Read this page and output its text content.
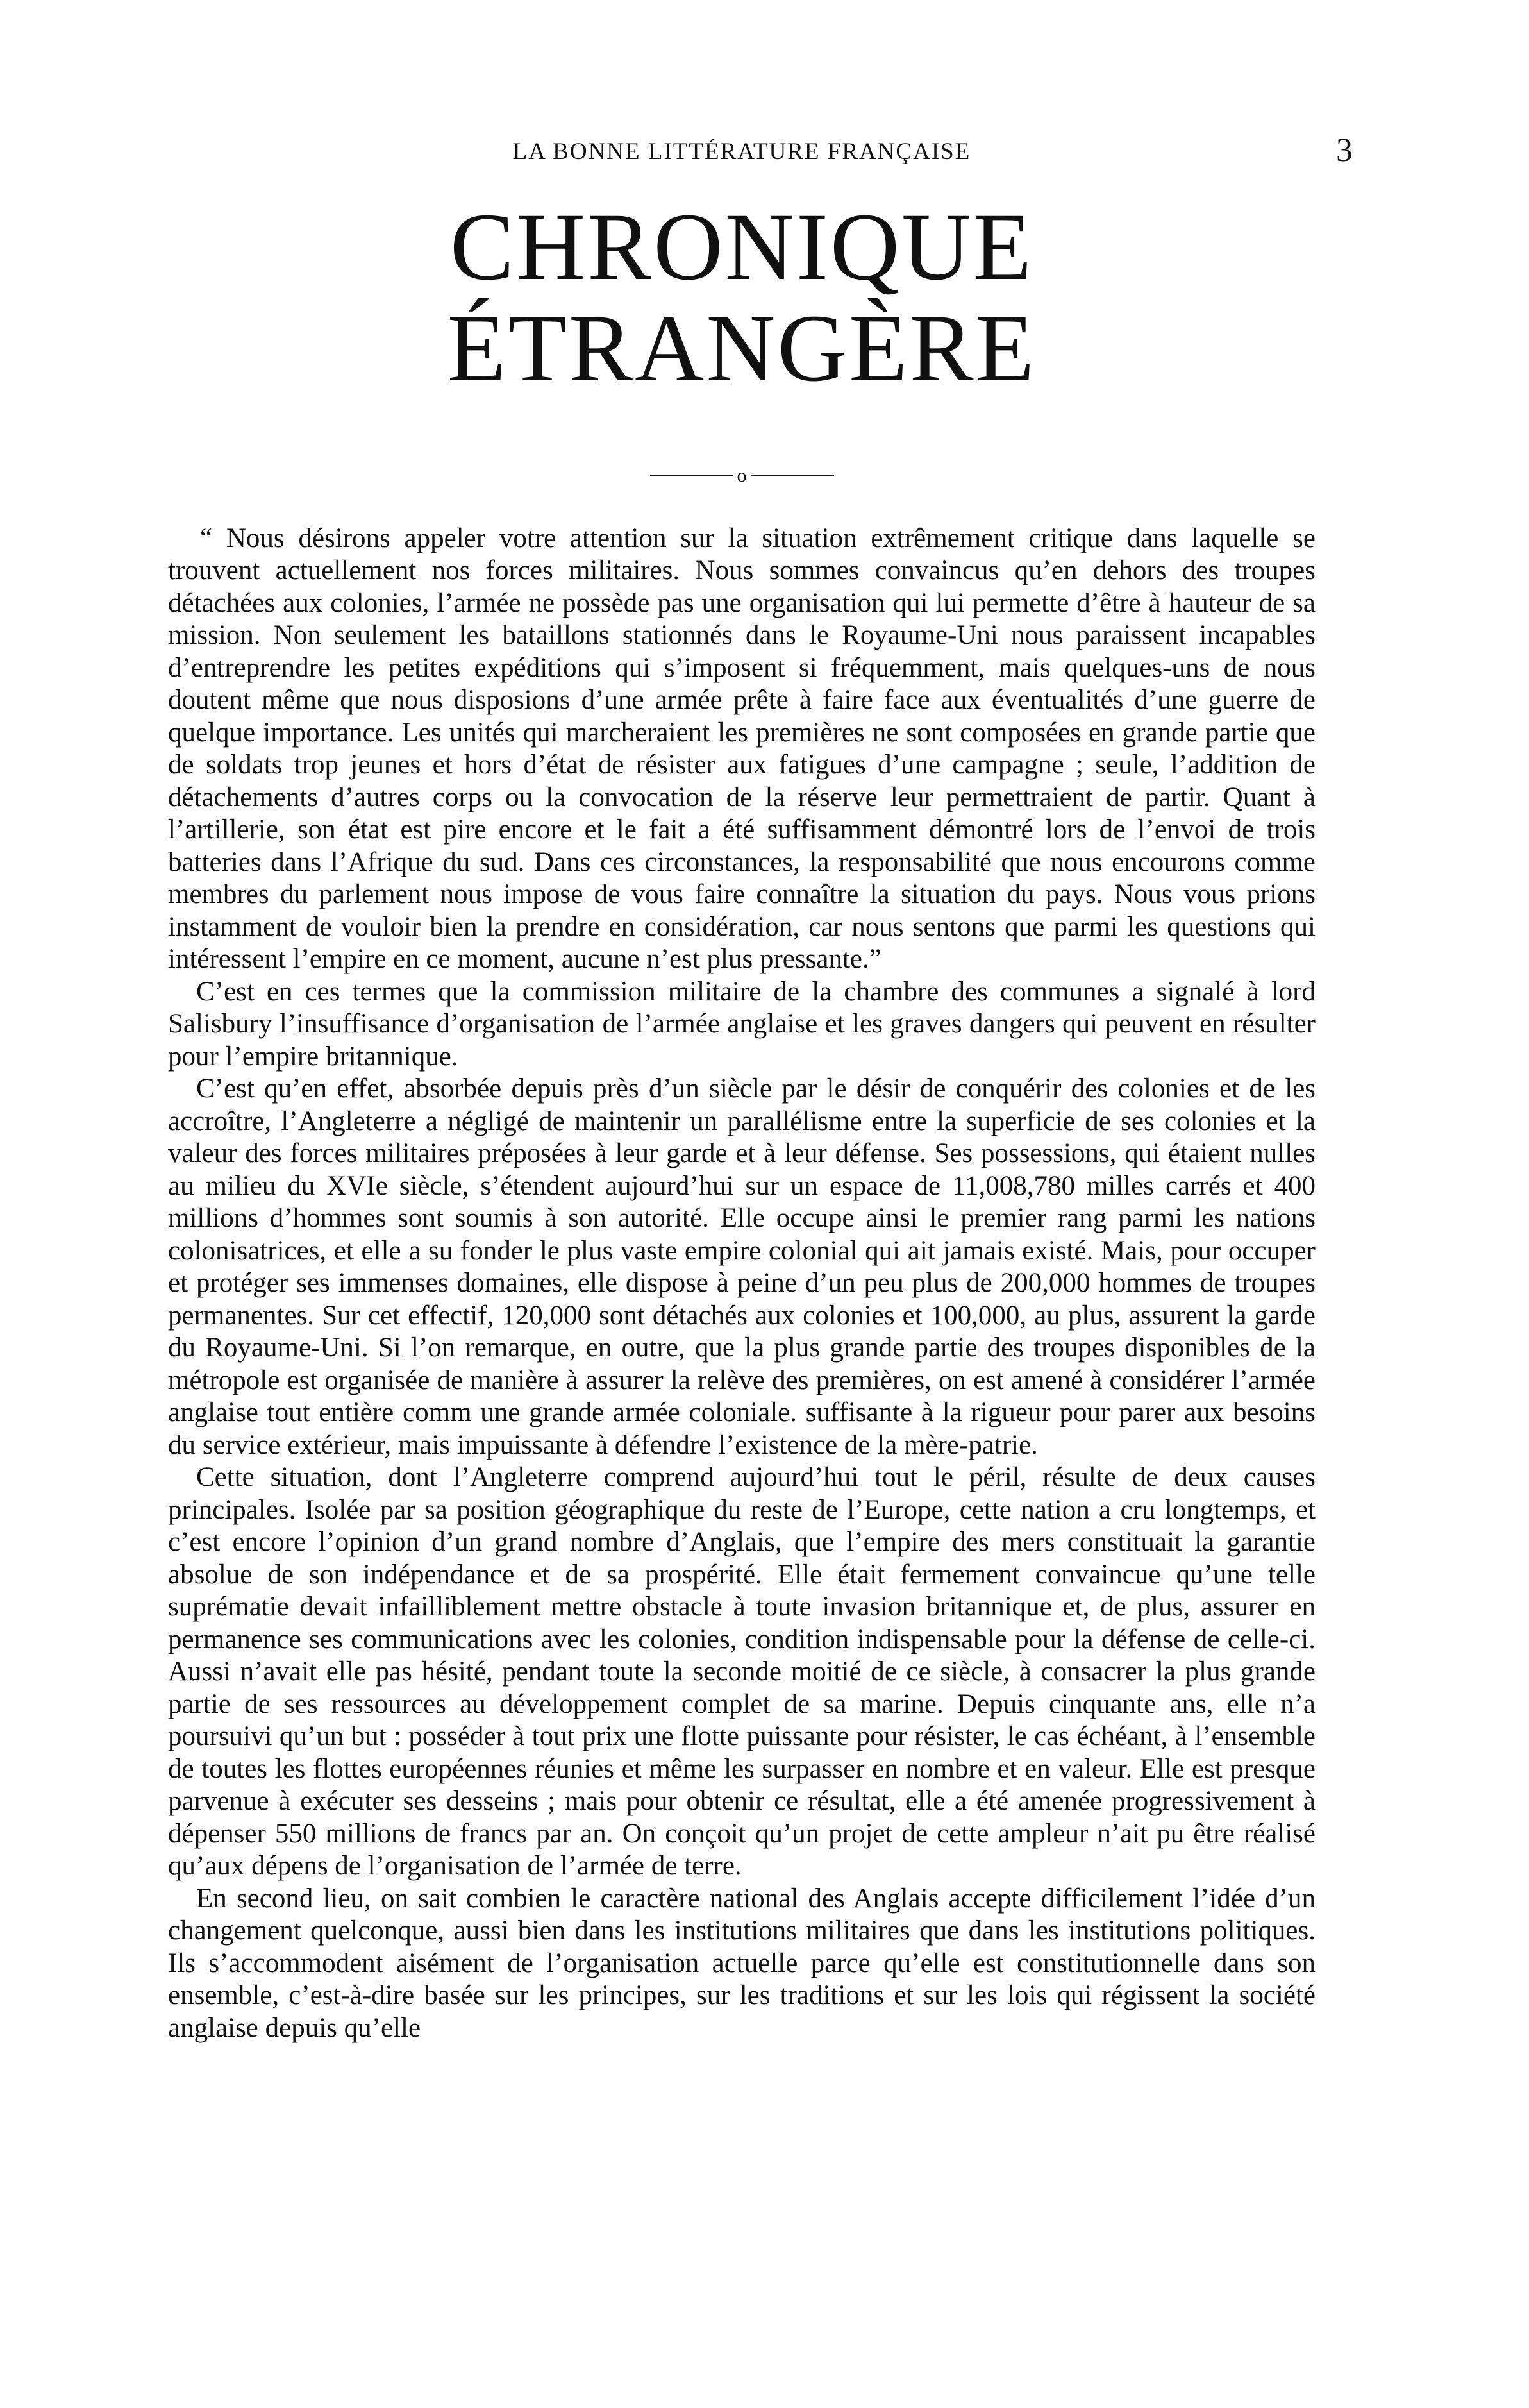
LA BONNE LITTÉRATURE FRANÇAISE	3
CHRONIQUE ÉTRANGÈRE
o

“ Nous désirons appeler votre attention sur la situation extrêmement critique dans laquelle se trouvent actuellement nos forces militaires. Nous sommes convaincus qu’en dehors des troupes détachées aux colonies, l’armée ne possède pas une organisation qui lui permette d’être à hauteur de sa mission. Non seulement les bataillons stationnés dans le Royaume-Uni nous paraissent incapables d’entreprendre les petites expéditions qui s’imposent si fréquemment, mais quelques-uns de nous doutent même que nous disposions d’une armée prête à faire face aux éventualités d’une guerre de quelque importance. Les unités qui marcheraient les premières ne sont composées en grande partie que de soldats trop jeunes et hors d’état de résister aux fatigues d’une campagne ; seule, l’addition de détachements d’autres corps ou la convocation de la réserve leur permettraient de partir. Quant à l’artillerie, son état est pire encore et le fait a été suffisamment démontré lors de l’envoi de trois batteries dans l’Afrique du sud. Dans ces circonstances, la responsabilité que nous encourons comme membres du parlement nous impose de vous faire connaître la situation du pays. Nous vous prions instamment de vouloir bien la prendre en considération, car nous sentons que parmi les questions qui intéressent l’empire en ce moment, aucune n’est plus pressante.”

C’est en ces termes que la commission militaire de la chambre des communes a signalé à lord Salisbury l’insuffisance d’organisation de l’armée anglaise et les graves dangers qui peuvent en résulter pour l’empire britannique.

C’est qu’en effet, absorbée depuis près d’un siècle par le désir de conquérir des colonies et de les accroître, l’Angleterre a négligé de maintenir un parallélisme entre la superficie de ses colonies et la valeur des forces militaires préposées à leur garde et à leur défense. Ses possessions, qui étaient nulles au milieu du XVIe siècle, s’étendent aujourd’hui sur un espace de 11,008,780 milles carrés et 400 millions d’hommes sont soumis à son autorité. Elle occupe ainsi le premier rang parmi les nations colonisatrices, et elle a su fonder le plus vaste empire colonial qui ait jamais existé. Mais, pour occuper et protéger ses immenses domaines, elle dispose à peine d’un peu plus de 200,000 hommes de troupes permanentes. Sur cet effectif, 120,000 sont détachés aux colonies et 100,000, au plus, assurent la garde du Royaume-Uni. Si l’on remarque, en outre, que la plus grande partie des troupes disponibles de la métropole est organisée de manière à assurer la relève des premières, on est amené à considérer l’armée anglaise tout entière comm une grande armée coloniale. suffisante à la rigueur pour parer aux besoins du service extérieur, mais impuissante à défendre l’existence de la mère-patrie.

Cette situation, dont l’Angleterre comprend aujourd’hui tout le péril, résulte de deux causes principales. Isolée par sa position géographique du reste de l’Europe, cette nation a cru longtemps, et c’est encore l’opinion d’un grand nombre d’Anglais, que l’empire des mers constituait la garantie absolue de son indépendance et de sa prospérité. Elle était fermement convaincue qu’une telle suprématie devait infailliblement mettre obstacle à toute invasion britannique et, de plus, assurer en permanence ses communications avec les colonies, condition indispensable pour la défense de celle-ci. Aussi n’avait elle pas hésité, pendant toute la seconde moitié de ce siècle, à consacrer la plus grande partie de ses ressources au développement complet de sa marine. Depuis cinquante ans, elle n’a poursuivi qu’un but : posséder à tout prix une flotte puissante pour résister, le cas échéant, à l’ensemble de toutes les flottes européennes réunies et même les surpasser en nombre et en valeur. Elle est presque parvenue à exécuter ses desseins ; mais pour obtenir ce résultat, elle a été amenée progressivement à dépenser 550 millions de francs par an. On conçoit qu’un projet de cette ampleur n’ait pu être réalisé qu’aux dépens de l’organisation de l’armée de terre.

En second lieu, on sait combien le caractère national des Anglais accepte difficilement l’idée d’un changement quelconque, aussi bien dans les institutions militaires que dans les institutions politiques. Ils s’accommodent aisément de l’organisation actuelle parce qu’elle est constitutionnelle dans son ensemble, c’est-à-dire basée sur les principes, sur les traditions et sur les lois qui régissent la société anglaise depuis qu’elle
